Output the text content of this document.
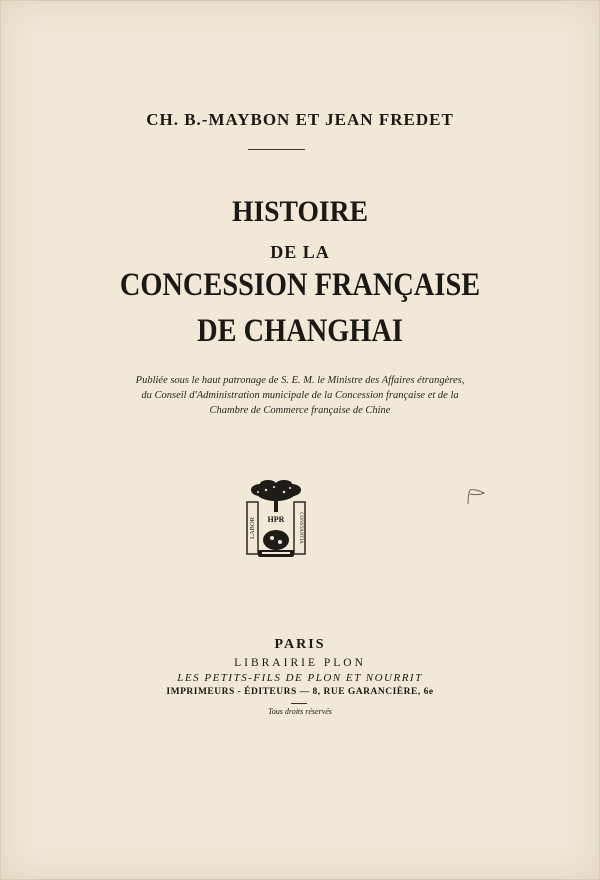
CH. B.-MAYBON ET JEAN FREDET
HISTOIRE
DE LA
CONCESSION FRANÇAISE
DE CHANGHAI
Publiée sous le haut patronage de S. E. M. le Ministre des Affaires étrangères,
du Conseil d'Administration municipale de la Concession française et de la
Chambre de Commerce française de Chine
LABOR	CONSTANTIA
HPR
PARIS
LIBRAIRIE PLON
LES PETITS-FILS DE PLON ET NOURRIT
IMPRIMEURS - ÉDITEURS — 8, RUE GARANCIÈRE, 6e
Tous droits réservés
